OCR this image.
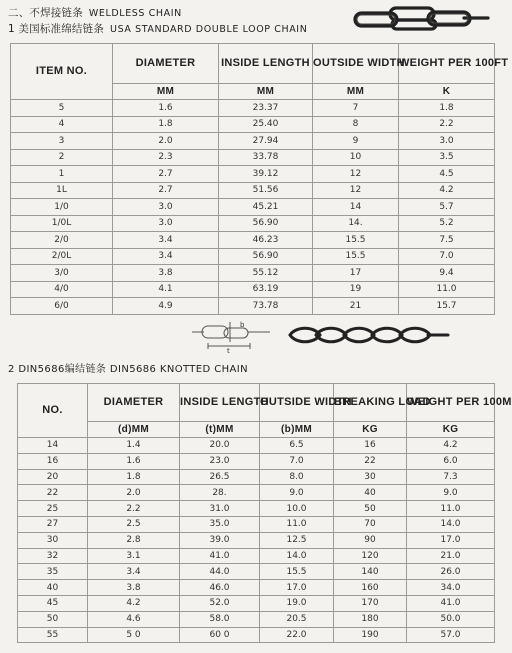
二、不焊接链条 WELDLESS CHAIN
1 美国标准绵结链条 USA STANDARD DOUBLE LOOP CHAIN
ITEM NO.	DIAMETER	INSIDE LENGTH	OUTSIDE WIDTH	WEIGHT PER 100FT
	MM	MM	MM	K
5	1.6	23.37	7	1.8
4	1.8	25.40	8	2.2
3	2.0	27.94	9	3.0
2	2.3	33.78	10	3.5
1	2.7	39.12	12	4.5
1L	2.7	51.56	12	4.2
1/0	3.0	45.21	14	5.7
1/0L	3.0	56.90	14.	5.2
2/0	3.4	46.23	15.5	7.5
2/0L	3.4	56.90	15.5	7.0
3/0	3.8	55.12	17	9.4
4/0	4.1	63.19	19	11.0
6/0	4.9	73.78	21	15.7
b
t
2 DIN5686编结链条 DIN5686 KNOTTED CHAIN
NO.	DIAMETER	INSIDE LENGTH	OUTSIDE WIDTH	BREAKING LOAD	WEIGHT PER 100M
	(d)MM	(t)MM	(b)MM	KG	KG
14	1.4	20.0	6.5	16	4.2
16	1.6	23.0	7.0	22	6.0
20	1.8	26.5	8.0	30	7.3
22	2.0	28.	9.0	40	9.0
25	2.2	31.0	10.0	50	11.0
27	2.5	35.0	11.0	70	14.0
30	2.8	39.0	12.5	90	17.0
32	3.1	41.0	14.0	120	21.0
35	3.4	44.0	15.5	140	26.0
40	3.8	46.0	17.0	160	34.0
45	4.2	52.0	19.0	170	41.0
50	4.6	58.0	20.5	180	50.0
55	5 0	60 0	22.0	190	57.0
